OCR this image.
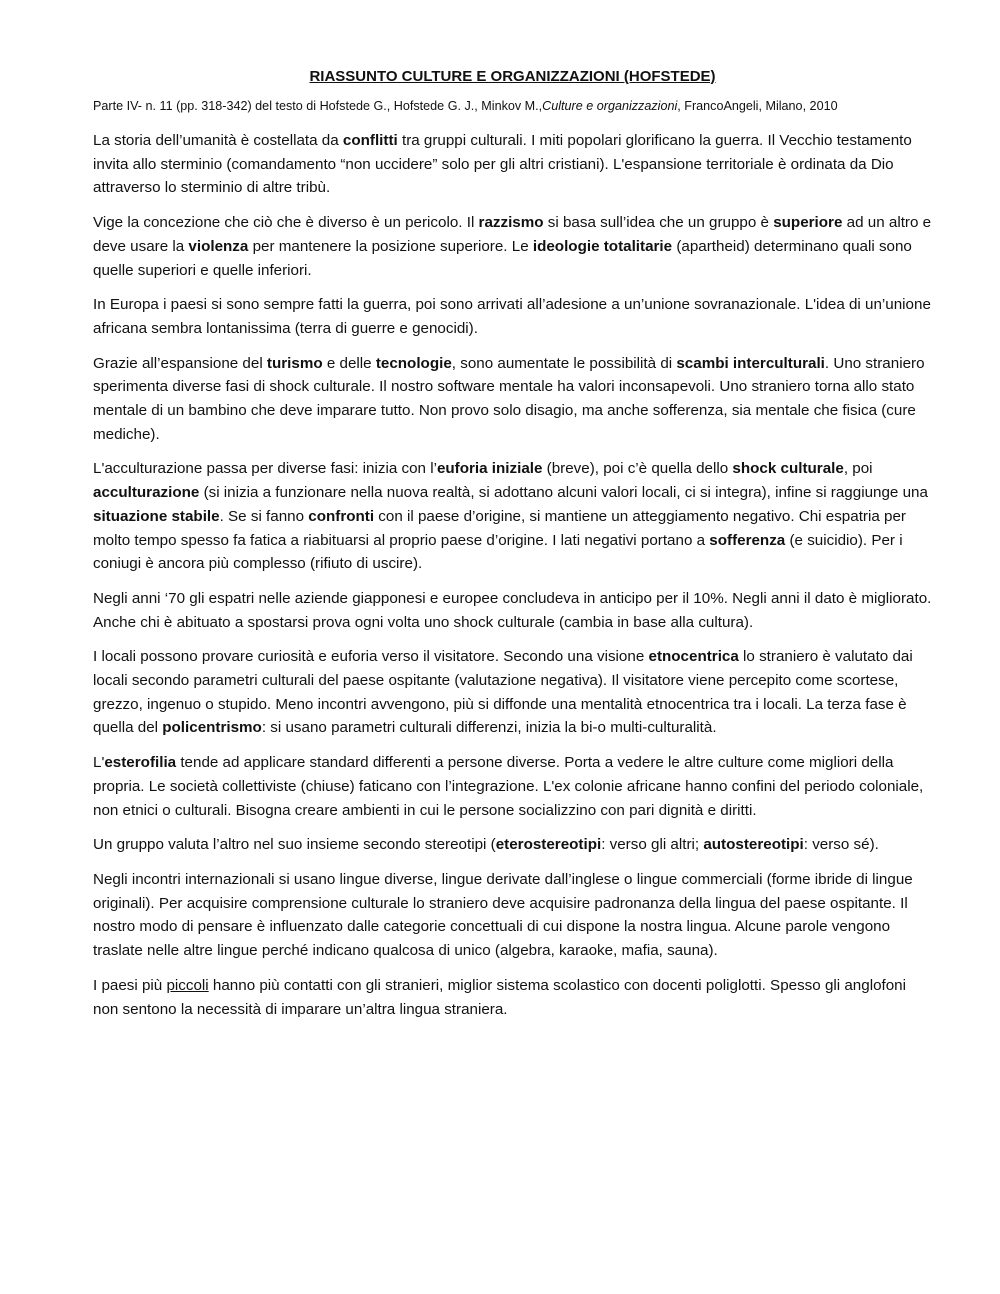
RIASSUNTO CULTURE E ORGANIZZAZIONI (HOFSTEDE)

Parte IV- n. 11 (pp. 318-342) del testo di Hofstede G., Hofstede G. J., Minkov M.,Culture e organizzazioni, FrancoAngeli, Milano, 2010

La storia dell’umanità è costellata da conflitti tra gruppi culturali. I miti popolari glorificano la guerra. Il Vecchio testamento invita allo sterminio (comandamento “non uccidere” solo per gli altri cristiani). L'espansione territoriale è ordinata da Dio attraverso lo sterminio di altre tribù.

Vige la concezione che ciò che è diverso è un pericolo. Il razzismo si basa sull’idea che un gruppo è superiore ad un altro e deve usare la violenza per mantenere la posizione superiore. Le ideologie totalitarie (apartheid) determinano quali sono quelle superiori e quelle inferiori.

In Europa i paesi si sono sempre fatti la guerra, poi sono arrivati all’adesione a un’unione sovranazionale. L'idea di un’unione africana sembra lontanissima (terra di guerre e genocidi).

Grazie all’espansione del turismo e delle tecnologie, sono aumentate le possibilità di scambi interculturali. Uno straniero sperimenta diverse fasi di shock culturale. Il nostro software mentale ha valori inconsapevoli. Uno straniero torna allo stato mentale di un bambino che deve imparare tutto. Non provo solo disagio, ma anche sofferenza, sia mentale che fisica (cure mediche).

L'acculturazione passa per diverse fasi: inizia con l’euforia iniziale (breve), poi c’è quella dello shock culturale, poi acculturazione (si inizia a funzionare nella nuova realtà, si adottano alcuni valori locali, ci si integra), infine si raggiunge una situazione stabile. Se si fanno confronti con il paese d’origine, si mantiene un atteggiamento negativo. Chi espatria per molto tempo spesso fa fatica a riabituarsi al proprio paese d’origine. I lati negativi portano a sofferenza (e suicidio). Per i coniugi è ancora più complesso (rifiuto di uscire).

Negli anni ‘70 gli espatri nelle aziende giapponesi e europee concludeva in anticipo per il 10%. Negli anni il dato è migliorato. Anche chi è abituato a spostarsi prova ogni volta uno shock culturale (cambia in base alla cultura).

I locali possono provare curiosità e euforia verso il visitatore. Secondo una visione etnocentrica lo straniero è valutato dai locali secondo parametri culturali del paese ospitante (valutazione negativa). Il visitatore viene percepito come scortese, grezzo, ingenuo o stupido. Meno incontri avvengono, più si diffonde una mentalità etnocentrica tra i locali. La terza fase è quella del policentrismo: si usano parametri culturali differenzi, inizia la bi-o multi-culturalità.

L'esterofilia tende ad applicare standard differenti a persone diverse. Porta a vedere le altre culture come migliori della propria. Le società collettiviste (chiuse) faticano con l’integrazione. L'ex colonie africane hanno confini del periodo coloniale, non etnici o culturali. Bisogna creare ambienti in cui le persone socializzino con pari dignità e diritti.

Un gruppo valuta l’altro nel suo insieme secondo stereotipi (eterostereotipi: verso gli altri; autostereotipi: verso sé).

Negli incontri internazionali si usano lingue diverse, lingue derivate dall’inglese o lingue commerciali (forme ibride di lingue originali). Per acquisire comprensione culturale lo straniero deve acquisire padronanza della lingua del paese ospitante. Il nostro modo di pensare è influenzato dalle categorie concettuali di cui dispone la nostra lingua. Alcune parole vengono traslate nelle altre lingue perché indicano qualcosa di unico (algebra, karaoke, mafia, sauna).

I paesi più piccoli hanno più contatti con gli stranieri, miglior sistema scolastico con docenti poliglotti. Spesso gli anglofoni non sentono la necessità di imparare un’altra lingua straniera.
